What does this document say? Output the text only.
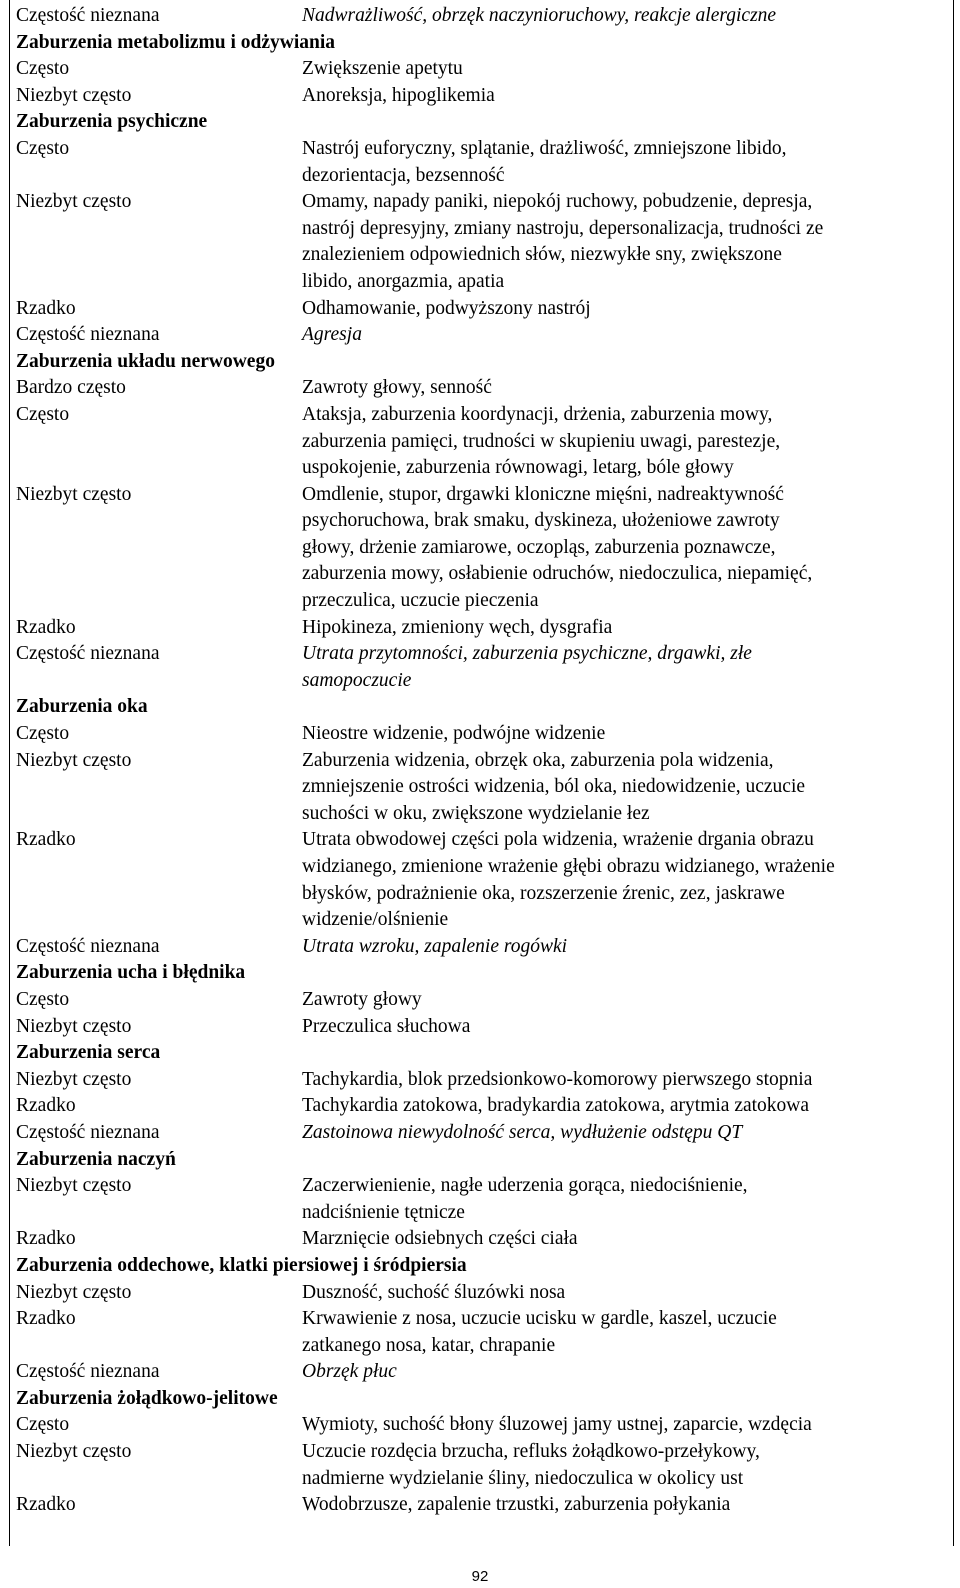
Częstość nieznana	Nadwrażliwość, obrzęk naczynioruchowy, reakcje alergiczne
Zaburzenia metabolizmu i odżywiania
Często	Zwiększenie apetytu
Niezbyt często	Anoreksja, hipoglikemia
Zaburzenia psychiczne
Często	Nastrój euforyczny, splątanie, drażliwość, zmniejszone libido,
dezorientacja, bezsenność
Niezbyt często	Omamy, napady paniki, niepokój ruchowy, pobudzenie, depresja,
nastrój depresyjny, zmiany nastroju, depersonalizacja, trudności ze
znalezieniem odpowiednich słów, niezwykłe sny, zwiększone
libido, anorgazmia, apatia
Rzadko	Odhamowanie, podwyższony nastrój
Częstość nieznana	Agresja
Zaburzenia układu nerwowego
Bardzo często	Zawroty głowy, senność
Często	Ataksja, zaburzenia koordynacji, drżenia, zaburzenia mowy,
zaburzenia pamięci, trudności w skupieniu uwagi, parestezje,
uspokojenie, zaburzenia równowagi, letarg, bóle głowy
Niezbyt często	Omdlenie, stupor, drgawki kloniczne mięśni, nadreaktywność
psychoruchowa, brak smaku, dyskineza, ułożeniowe zawroty
głowy, drżenie zamiarowe, oczopląs, zaburzenia poznawcze,
zaburzenia mowy, osłabienie odruchów, niedoczulica, niepamięć,
przeczulica, uczucie pieczenia
Rzadko	Hipokineza, zmieniony węch, dysgrafia
Częstość nieznana	Utrata przytomności, zaburzenia psychiczne, drgawki, złe
samopoczucie
Zaburzenia oka
Często	Nieostre widzenie, podwójne widzenie
Niezbyt często	Zaburzenia widzenia, obrzęk oka, zaburzenia pola widzenia,
zmniejszenie ostrości widzenia, ból oka, niedowidzenie, uczucie
suchości w oku, zwiększone wydzielanie łez
Rzadko	Utrata obwodowej części pola widzenia, wrażenie drgania obrazu
widzianego, zmienione wrażenie głębi obrazu widzianego, wrażenie
błysków, podrażnienie oka, rozszerzenie źrenic, zez, jaskrawe
widzenie/olśnienie
Częstość nieznana	Utrata wzroku, zapalenie rogówki
Zaburzenia ucha i błędnika
Często	Zawroty głowy
Niezbyt często	Przeczulica słuchowa
Zaburzenia serca
Niezbyt często	Tachykardia, blok przedsionkowo-komorowy pierwszego stopnia
Rzadko	Tachykardia zatokowa, bradykardia zatokowa, arytmia zatokowa
Częstość nieznana	Zastoinowa niewydolność serca, wydłużenie odstępu QT
Zaburzenia naczyń
Niezbyt często	Zaczerwienienie, nagłe uderzenia gorąca, niedociśnienie,
nadciśnienie tętnicze
Rzadko	Marznięcie odsiebnych części ciała
Zaburzenia oddechowe, klatki piersiowej i śródpiersia
Niezbyt często	Duszność, suchość śluzówki nosa
Rzadko	Krwawienie z nosa, uczucie ucisku w gardle, kaszel, uczucie
zatkanego nosa, katar, chrapanie
Częstość nieznana	Obrzęk płuc
Zaburzenia żołądkowo-jelitowe
Często	Wymioty, suchość błony śluzowej jamy ustnej, zaparcie, wzdęcia
Niezbyt często	Uczucie rozdęcia brzucha, refluks żołądkowo-przełykowy,
nadmierne wydzielanie śliny, niedoczulica w okolicy ust
Rzadko	Wodobrzusze, zapalenie trzustki, zaburzenia połykania
92
